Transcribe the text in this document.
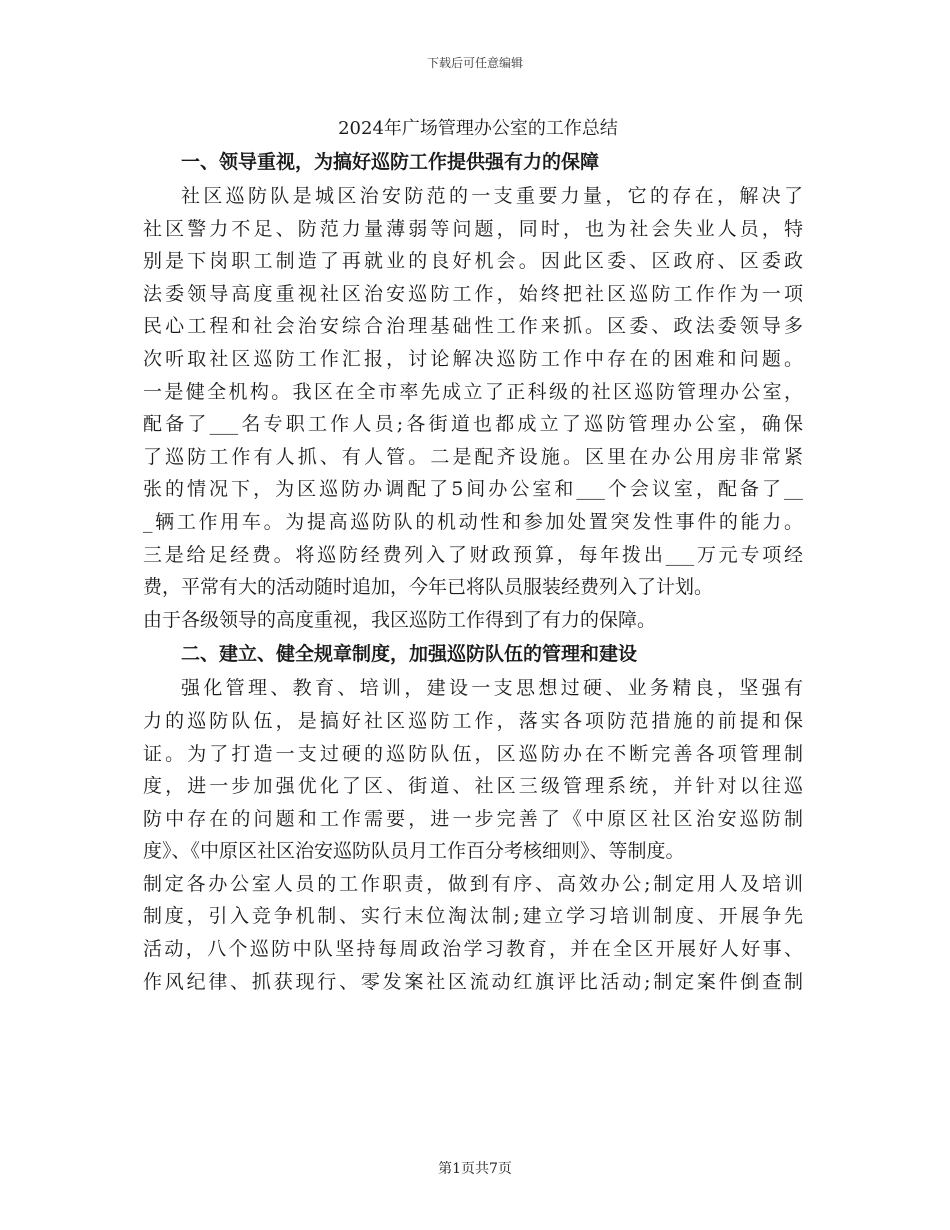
下载后可任意编辑
2024年广场管理办公室的工作总结
一、领导重视，为搞好巡防工作提供强有力的保障
社区巡防队是城区治安防范的一支重要力量，它的存在，解决了
社区警力不足、防范力量薄弱等问题，同时，也为社会失业人员，特
别是下岗职工制造了再就业的良好机会。因此区委、区政府、区委政
法委领导高度重视社区治安巡防工作，始终把社区巡防工作作为一项
民心工程和社会治安综合治理基础性工作来抓。区委、政法委领导多
次听取社区巡防工作汇报，讨论解决巡防工作中存在的困难和问题。
一是健全机构。我区在全市率先成立了正科级的社区巡防管理办公室，
配备了___名专职工作人员;各街道也都成立了巡防管理办公室，确保
了巡防工作有人抓、有人管。二是配齐设施。区里在办公用房非常紧
张的情况下，为区巡防办调配了5间办公室和___个会议室，配备了__
_辆工作用车。为提高巡防队的机动性和参加处置突发性事件的能力。
三是给足经费。将巡防经费列入了财政预算，每年拨出___万元专项经
费，平常有大的活动随时追加，今年已将队员服装经费列入了计划。
由于各级领导的高度重视，我区巡防工作得到了有力的保障。
二、建立、健全规章制度，加强巡防队伍的管理和建设
强化管理、教育、培训，建设一支思想过硬、业务精良，坚强有
力的巡防队伍，是搞好社区巡防工作，落实各项防范措施的前提和保
证。为了打造一支过硬的巡防队伍，区巡防办在不断完善各项管理制
度，进一步加强优化了区、街道、社区三级管理系统，并针对以往巡
防中存在的问题和工作需要，进一步完善了《中原区社区治安巡防制
度》、《中原区社区治安巡防队员月工作百分考核细则》、等制度。
制定各办公室人员的工作职责，做到有序、高效办公;制定用人及培训
制度，引入竞争机制、实行末位淘汰制;建立学习培训制度、开展争先
活动，八个巡防中队坚持每周政治学习教育，并在全区开展好人好事、
作风纪律、抓获现行、零发案社区流动红旗评比活动;制定案件倒查制
第1页共7页
